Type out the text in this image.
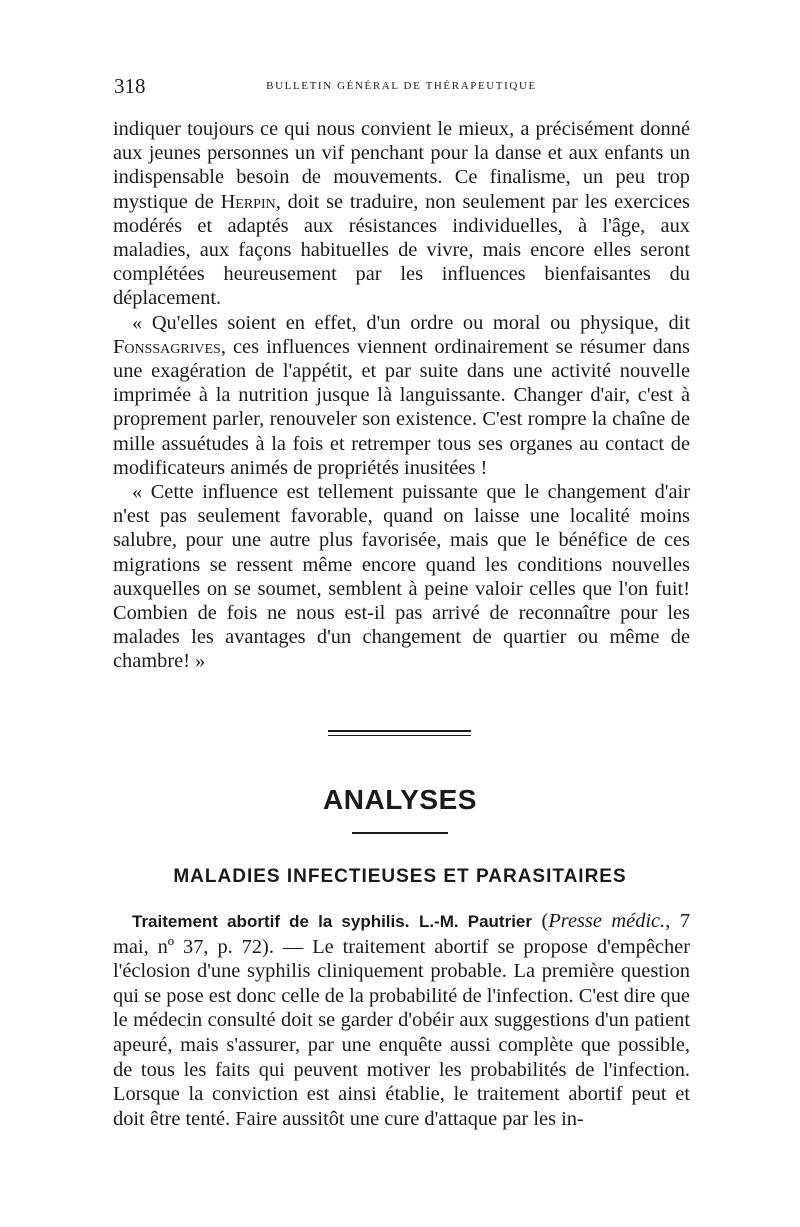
318	BULLETIN GÉNÉRAL DE THÉRAPEUTIQUE

indiquer toujours ce qui nous convient le mieux, a précisément donné aux jeunes personnes un vif penchant pour la danse et aux enfants un indispensable besoin de mouvements. Ce finalisme, un peu trop mystique de Herpin, doit se traduire, non seulement par les exercices modérés et adaptés aux résistances individuelles, à l'âge, aux maladies, aux façons habituelles de vivre, mais encore elles seront complétées heureusement par les influences bienfaisantes du déplacement.

« Qu'elles soient en effet, d'un ordre ou moral ou physique, dit Fonssagrives, ces influences viennent ordinairement se résumer dans une exagération de l'appétit, et par suite dans une activité nouvelle imprimée à la nutrition jusque là languissante. Changer d'air, c'est à proprement parler, renouveler son existence. C'est rompre la chaîne de mille assuétudes à la fois et retremper tous ses organes au contact de modificateurs animés de propriétés inusitées !

« Cette influence est tellement puissante que le changement d'air n'est pas seulement favorable, quand on laisse une localité moins salubre, pour une autre plus favorisée, mais que le bénéfice de ces migrations se ressent même encore quand les conditions nouvelles auxquelles on se soumet, semblent à peine valoir celles que l'on fuit! Combien de fois ne nous est-il pas arrivé de reconnaître pour les malades les avantages d'un changement de quartier ou même de chambre! »

ANALYSES
MALADIES INFECTIEUSES ET PARASITAIRES

Traitement abortif de la syphilis. L.-M. Pautrier (Presse médic., 7 mai, nº 37, p. 72). — Le traitement abortif se propose d'empêcher l'éclosion d'une syphilis cliniquement probable. La première question qui se pose est donc celle de la probabilité de l'infection. C'est dire que le médecin consulté doit se garder d'obéir aux suggestions d'un patient apeuré, mais s'assurer, par une enquête aussi complète que possible, de tous les faits qui peuvent motiver les probabilités de l'infection. Lorsque la conviction est ainsi établie, le traitement abortif peut et doit être tenté. Faire aussitôt une cure d'attaque par les in-
